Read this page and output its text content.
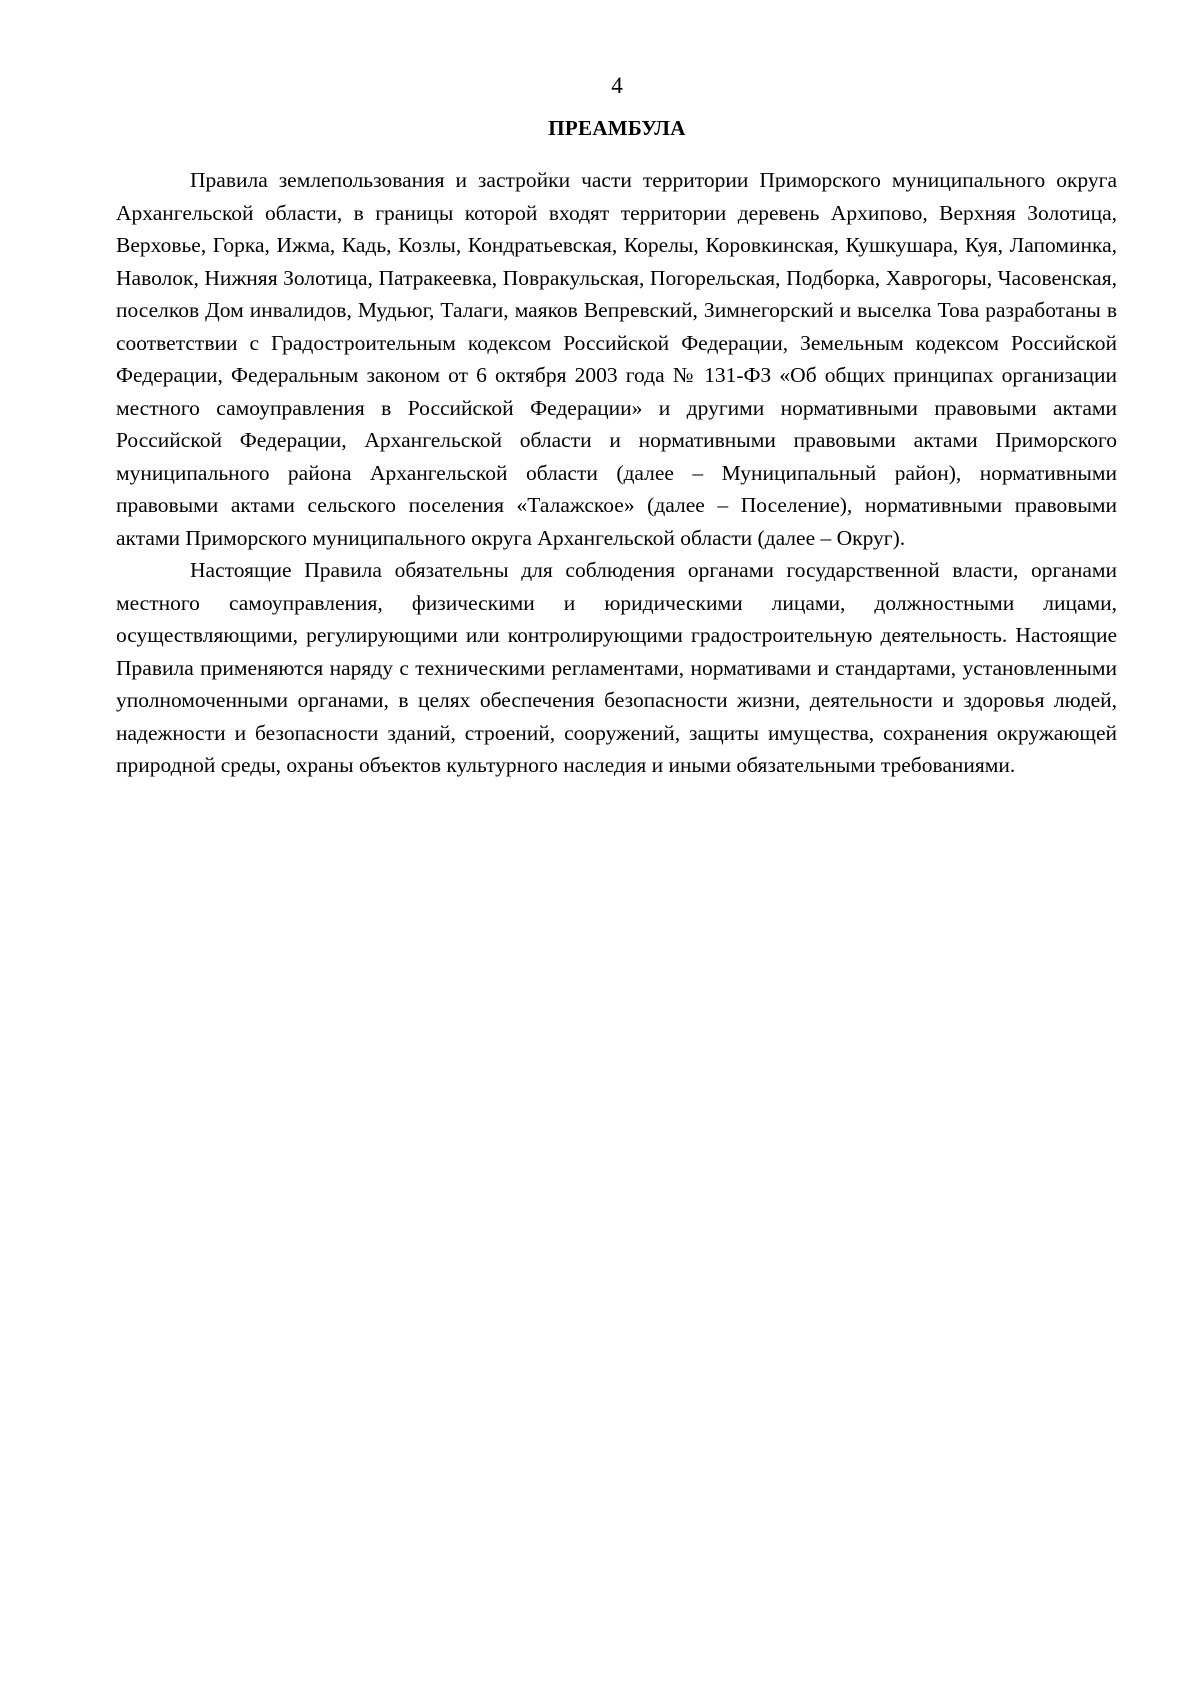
4
ПРЕАМБУЛА

Правила землепользования и застройки части территории Приморского муниципального округа Архангельской области, в границы которой входят территории деревень Архипово, Верхняя Золотица, Верховье, Горка, Ижма, Кадь, Козлы, Кондратьевская, Корелы, Коровкинская, Кушкушара, Куя, Лапоминка, Наволок, Нижняя Золотица, Патракеевка, Повракульская, Погорельская, Подборка, Хаврогоры, Часовенская, поселков Дом инвалидов, Мудьюг, Талаги, маяков Вепревский, Зимнегорский и выселка Това разработаны в соответствии с Градостроительным кодексом Российской Федерации, Земельным кодексом Российской Федерации, Федеральным законом от 6 октября 2003 года № 131-ФЗ «Об общих принципах организации местного самоуправления в Российской Федерации» и другими нормативными правовыми актами Российской Федерации, Архангельской области и нормативными правовыми актами Приморского муниципального района Архангельской области (далее – Муниципальный район), нормативными правовыми актами сельского поселения «Талажское» (далее – Поселение), нормативными правовыми актами Приморского муниципального округа Архангельской области (далее – Округ).

Настоящие Правила обязательны для соблюдения органами государственной власти, органами местного самоуправления, физическими и юридическими лицами, должностными лицами, осуществляющими, регулирующими или контролирующими градостроительную деятельность. Настоящие Правила применяются наряду с техническими регламентами, нормативами и стандартами, установленными уполномоченными органами, в целях обеспечения безопасности жизни, деятельности и здоровья людей, надежности и безопасности зданий, строений, сооружений, защиты имущества, сохранения окружающей природной среды, охраны объектов культурного наследия и иными обязательными требованиями.
